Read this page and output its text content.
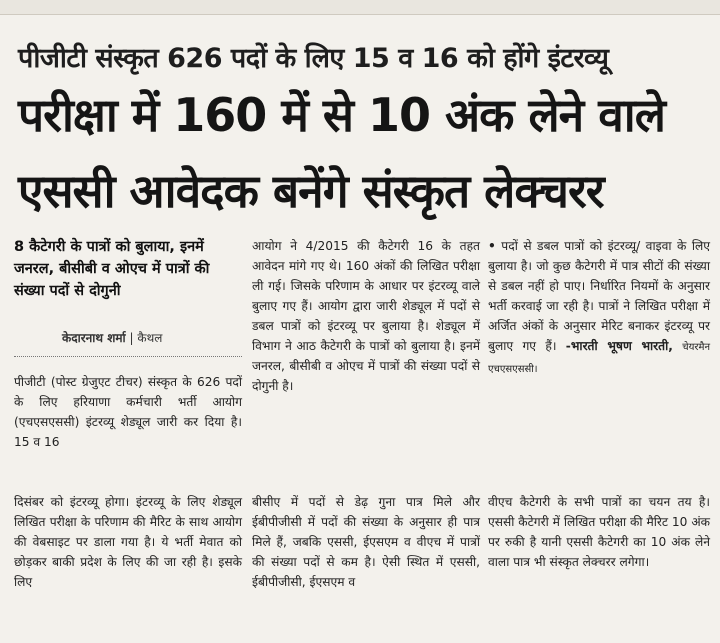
पीजीटी संस्कृत 626 पदों के लिए 15 व 16 को होंगे इंटरव्यू
परीक्षा में 160 में से 10 अंक लेने वाले
एससी आवेदक बनेंगे संस्कृत लेक्चरर
8 कैटेगरी के पात्रों को बुलाया, इनमें जनरल, बीसीबी व ओएच में पात्रों की संख्या पदों से दोगुनी
केदारनाथ शर्मा | कैथल
पीजीटी (पोस्ट ग्रेजुएट टीचर) संस्कृत के 626 पदों के लिए हरियाणा कर्मचारी भर्ती आयोग (एचएसएससी) इंटरव्यू शेड्यूल जारी कर दिया है। 15 व 16
आयोग ने 4/2015 की कैटेगरी 16 के तहत आवेदन मांगे गए थे। 160 अंकों की लिखित परीक्षा ली गई। जिसके परिणाम के आधार पर इंटरव्यू वाले बुलाए गए हैं। आयोग द्वारा जारी शेड्यूल में पदों से डबल पात्रों को इंटरव्यू पर बुलाया है। शेड्यूल में विभाग ने आठ कैटेगरी के पात्रों को बुलाया है। इनमें जनरल, बीसीबी व ओएच में पात्रों की संख्या पदों से दोगुनी है।
• पदों से डबल पात्रों को इंटरव्यू/ वाइवा के लिए बुलाया है। जो कुछ कैटेगरी में पात्र सीटों की संख्या से डबल नहीं हो पाए। निर्धारित नियमों के अनुसार भर्ती करवाई जा रही है। पात्रों ने लिखित परीक्षा में अर्जित अंकों के अनुसार मेरिट बनाकर इंटरव्यू पर बुलाए गए हैं। -भारती भूषण भारती, चेयरमैन एचएसएससी।
दिसंबर को इंटरव्यू होगा। इंटरव्यू के लिए शेड्यूल लिखित परीक्षा के परिणाम की मैरिट के साथ आयोग की वेबसाइट पर डाला गया है। ये भर्ती मेवात को छोड़कर बाकी प्रदेश के लिए की जा रही है। इसके लिए
बीसीए में पदों से डेढ़ गुना पात्र मिले और ईबीपीजीसी में पदों की संख्या के अनुसार ही पात्र मिले हैं, जबकि एससी, ईएसएम व वीएच में पात्रों की संख्या पदों से कम है। ऐसी स्थित में एससी, ईबीपीजीसी, ईएसएम व
वीएच कैटेगरी के सभी पात्रों का चयन तय है। एससी कैटेगरी में लिखित परीक्षा की मैरिट 10 अंक पर रुकी है यानी एससी कैटेगरी का 10 अंक लेने वाला पात्र भी संस्कृत लेक्चरर लगेगा।
